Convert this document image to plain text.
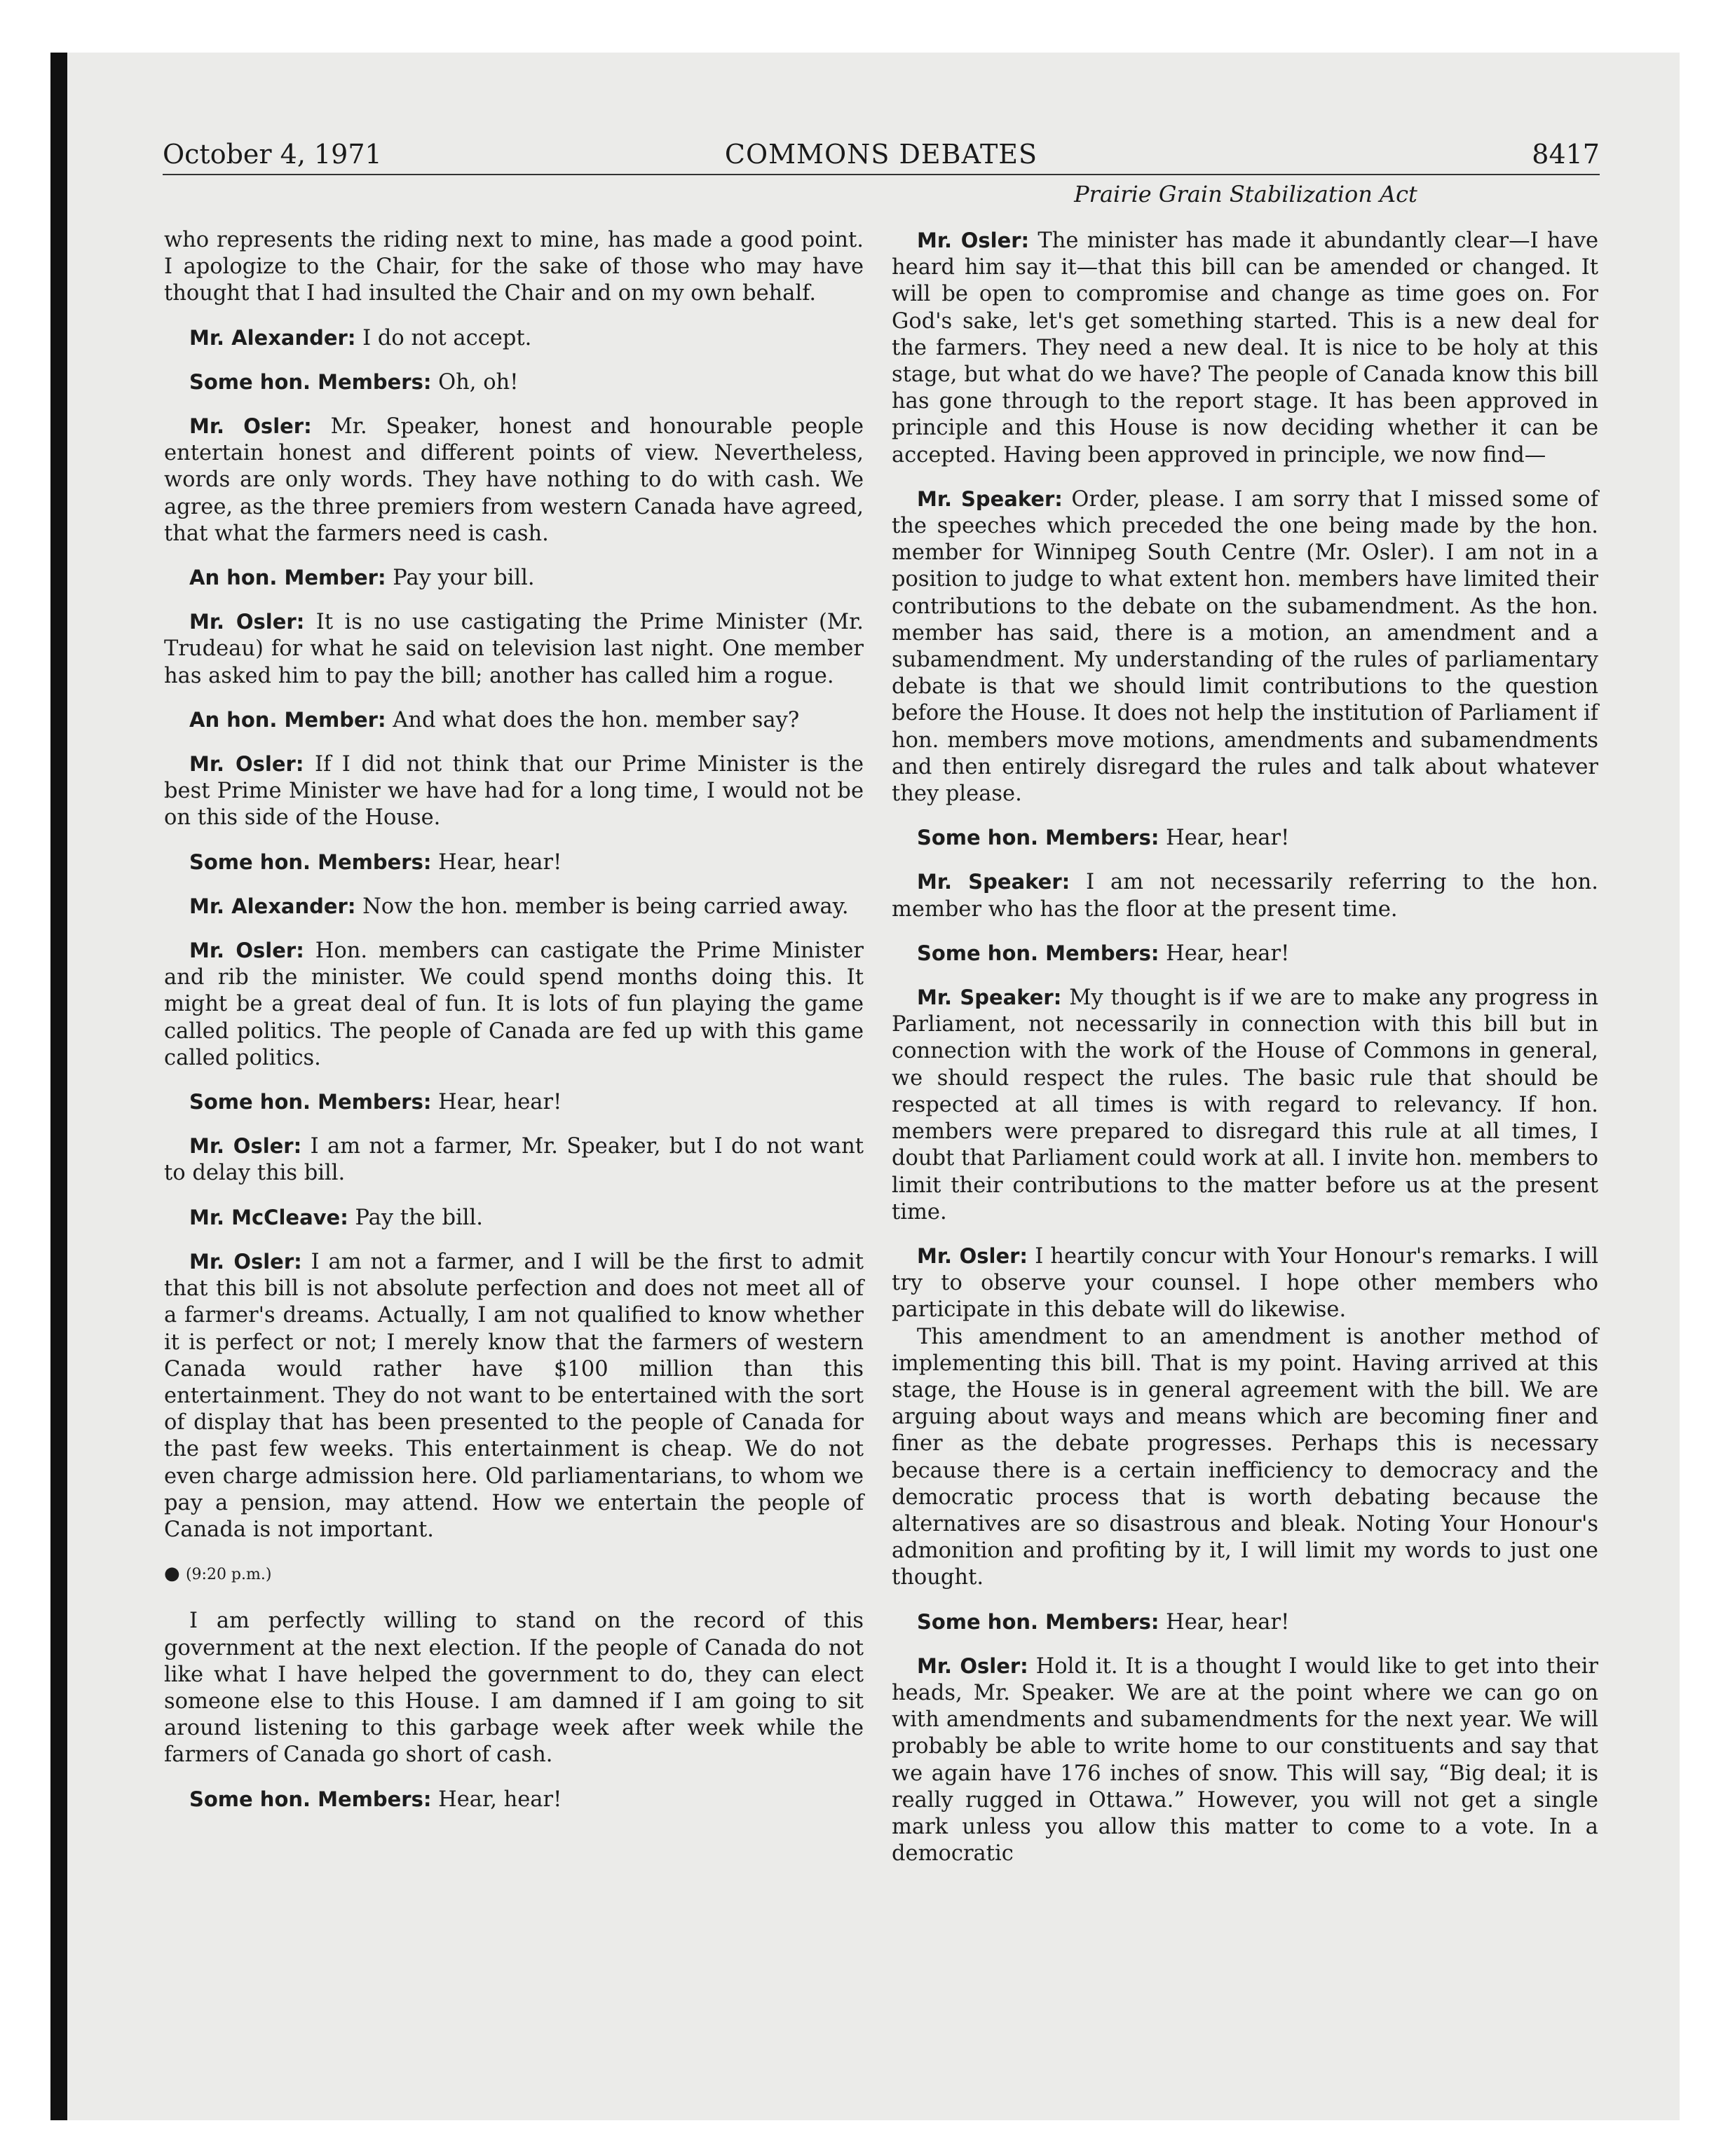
October 4, 1971	COMMONS DEBATES	8417
Prairie Grain Stabilization Act

who represents the riding next to mine, has made a good point. I apologize to the Chair, for the sake of those who may have thought that I had insulted the Chair and on my own behalf.

Mr. Alexander: I do not accept.

Some hon. Members: Oh, oh!

Mr. Osler: Mr. Speaker, honest and honourable people entertain honest and different points of view. Nevertheless, words are only words. They have nothing to do with cash. We agree, as the three premiers from western Canada have agreed, that what the farmers need is cash.

An hon. Member: Pay your bill.

Mr. Osler: It is no use castigating the Prime Minister (Mr. Trudeau) for what he said on television last night. One member has asked him to pay the bill; another has called him a rogue.

An hon. Member: And what does the hon. member say?

Mr. Osler: If I did not think that our Prime Minister is the best Prime Minister we have had for a long time, I would not be on this side of the House.

Some hon. Members: Hear, hear!

Mr. Alexander: Now the hon. member is being carried away.

Mr. Osler: Hon. members can castigate the Prime Minister and rib the minister. We could spend months doing this. It might be a great deal of fun. It is lots of fun playing the game called politics. The people of Canada are fed up with this game called politics.

Some hon. Members: Hear, hear!

Mr. Osler: I am not a farmer, Mr. Speaker, but I do not want to delay this bill.

Mr. McCleave: Pay the bill.

Mr. Osler: I am not a farmer, and I will be the first to admit that this bill is not absolute perfection and does not meet all of a farmer's dreams. Actually, I am not qualified to know whether it is perfect or not; I merely know that the farmers of western Canada would rather have $100 million than this entertainment. They do not want to be entertained with the sort of display that has been presented to the people of Canada for the past few weeks. This entertainment is cheap. We do not even charge admission here. Old parliamentarians, to whom we pay a pension, may attend. How we entertain the people of Canada is not important.

● (9:20 p.m.)

I am perfectly willing to stand on the record of this government at the next election. If the people of Canada do not like what I have helped the government to do, they can elect someone else to this House. I am damned if I am going to sit around listening to this garbage week after week while the farmers of Canada go short of cash.

Some hon. Members: Hear, hear!

Mr. Osler: The minister has made it abundantly clear—I have heard him say it—that this bill can be amended or changed. It will be open to compromise and change as time goes on. For God's sake, let's get something started. This is a new deal for the farmers. They need a new deal. It is nice to be holy at this stage, but what do we have? The people of Canada know this bill has gone through to the report stage. It has been approved in principle and this House is now deciding whether it can be accepted. Having been approved in principle, we now find—

Mr. Speaker: Order, please. I am sorry that I missed some of the speeches which preceded the one being made by the hon. member for Winnipeg South Centre (Mr. Osler). I am not in a position to judge to what extent hon. members have limited their contributions to the debate on the subamendment. As the hon. member has said, there is a motion, an amendment and a subamendment. My understanding of the rules of parliamentary debate is that we should limit contributions to the question before the House. It does not help the institution of Parliament if hon. members move motions, amendments and subamendments and then entirely disregard the rules and talk about whatever they please.

Some hon. Members: Hear, hear!

Mr. Speaker: I am not necessarily referring to the hon. member who has the floor at the present time.

Some hon. Members: Hear, hear!

Mr. Speaker: My thought is if we are to make any progress in Parliament, not necessarily in connection with this bill but in connection with the work of the House of Commons in general, we should respect the rules. The basic rule that should be respected at all times is with regard to relevancy. If hon. members were prepared to disregard this rule at all times, I doubt that Parliament could work at all. I invite hon. members to limit their contributions to the matter before us at the present time.

Mr. Osler: I heartily concur with Your Honour's remarks. I will try to observe your counsel. I hope other members who participate in this debate will do likewise.

This amendment to an amendment is another method of implementing this bill. That is my point. Having arrived at this stage, the House is in general agreement with the bill. We are arguing about ways and means which are becoming finer and finer as the debate progresses. Perhaps this is necessary because there is a certain inefficiency to democracy and the democratic process that is worth debating because the alternatives are so disastrous and bleak. Noting Your Honour's admonition and profiting by it, I will limit my words to just one thought.

Some hon. Members: Hear, hear!

Mr. Osler: Hold it. It is a thought I would like to get into their heads, Mr. Speaker. We are at the point where we can go on with amendments and subamendments for the next year. We will probably be able to write home to our constituents and say that we again have 176 inches of snow. This will say, “Big deal; it is really rugged in Ottawa.” However, you will not get a single mark unless you allow this matter to come to a vote. In a democratic
